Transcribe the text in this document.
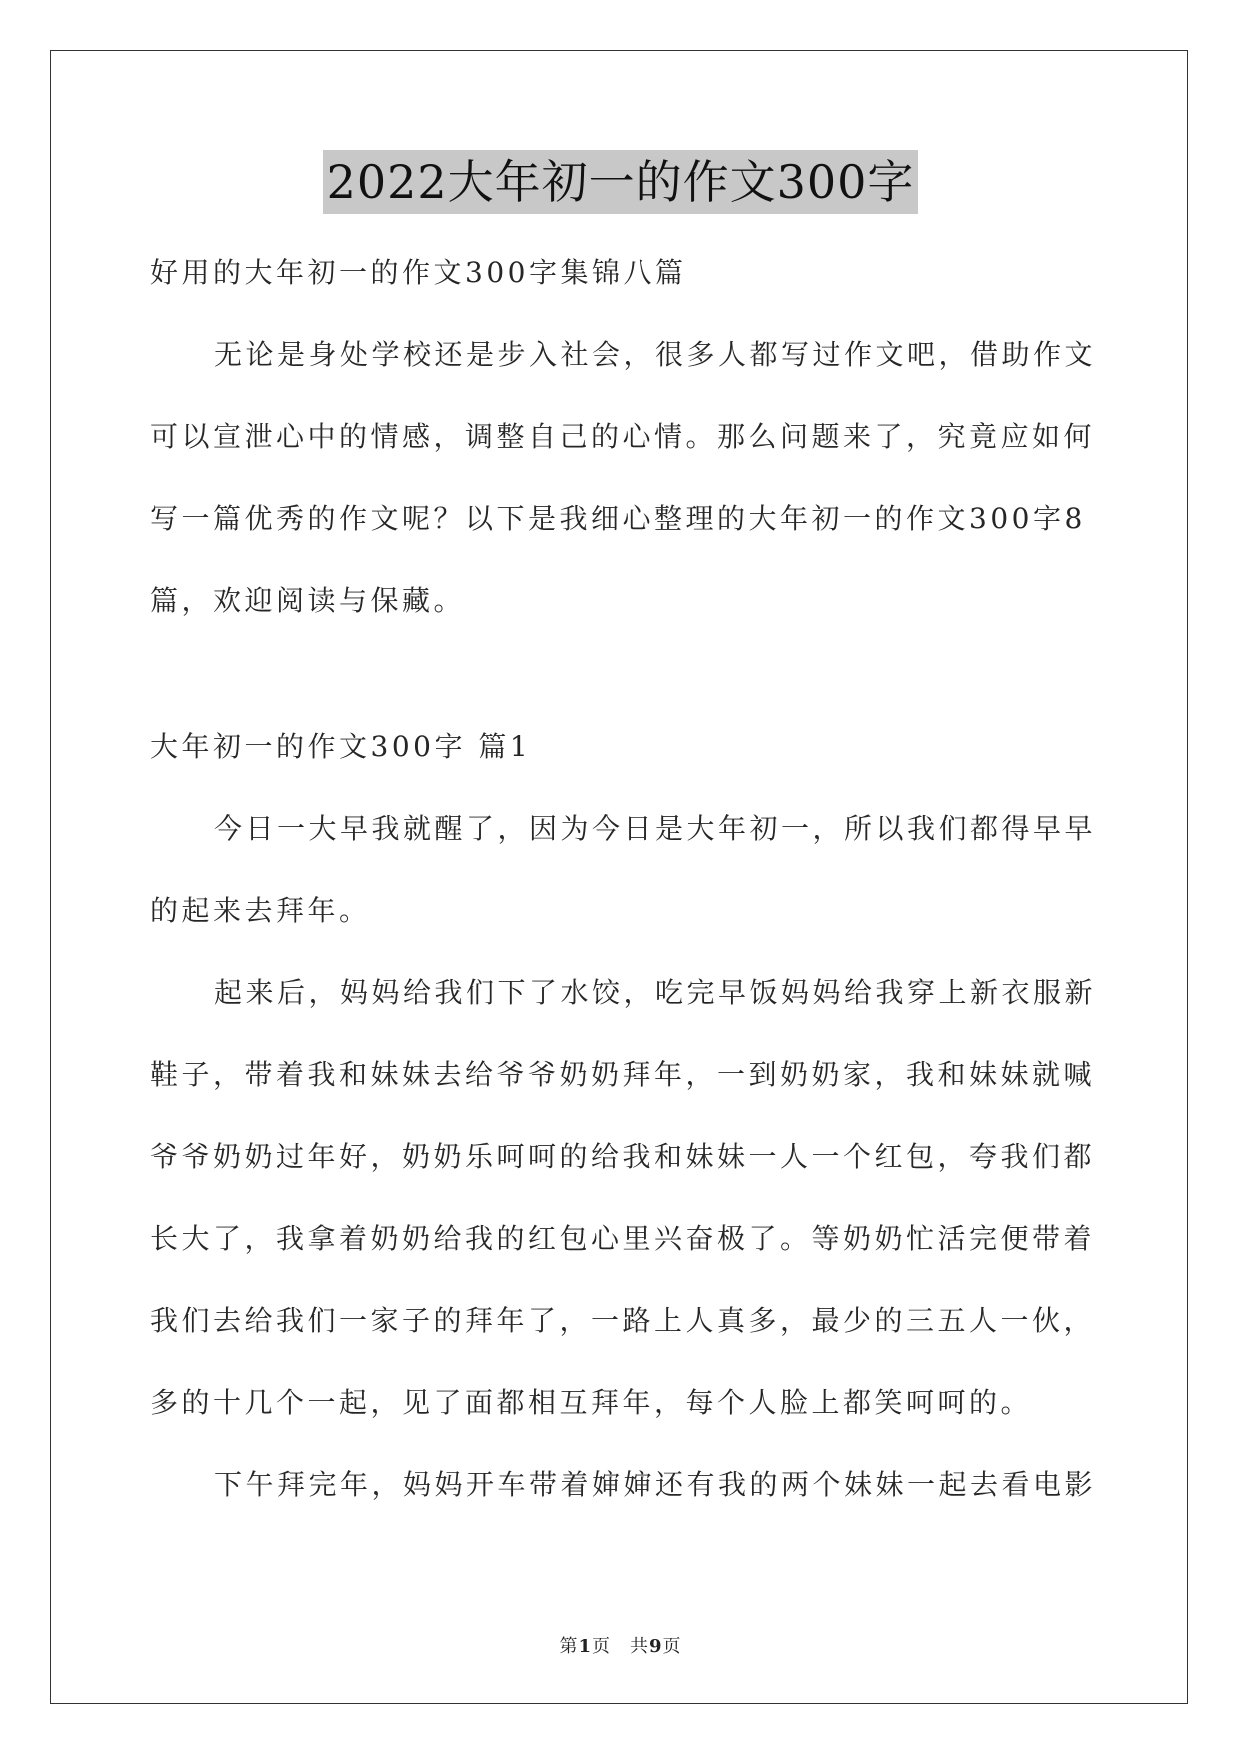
2022大年初一的作文300字

好用的大年初一的作文300字集锦八篇

无论是身处学校还是步入社会，很多人都写过作文吧，借助作文可以宣泄心中的情感，调整自己的心情。那么问题来了，究竟应如何写一篇优秀的作文呢？以下是我细心整理的大年初一的作文300字8篇，欢迎阅读与保藏。

大年初一的作文300字 篇1

今日一大早我就醒了，因为今日是大年初一，所以我们都得早早的起来去拜年。

起来后，妈妈给我们下了水饺，吃完早饭妈妈给我穿上新衣服新鞋子，带着我和妹妹去给爷爷奶奶拜年，一到奶奶家，我和妹妹就喊爷爷奶奶过年好，奶奶乐呵呵的给我和妹妹一人一个红包，夸我们都长大了，我拿着奶奶给我的红包心里兴奋极了。等奶奶忙活完便带着我们去给我们一家子的拜年了，一路上人真多，最少的三五人一伙，多的十几个一起，见了面都相互拜年，每个人脸上都笑呵呵的。

下午拜完年，妈妈开车带着婶婶还有我的两个妹妹一起去看电影

第1页　共9页
